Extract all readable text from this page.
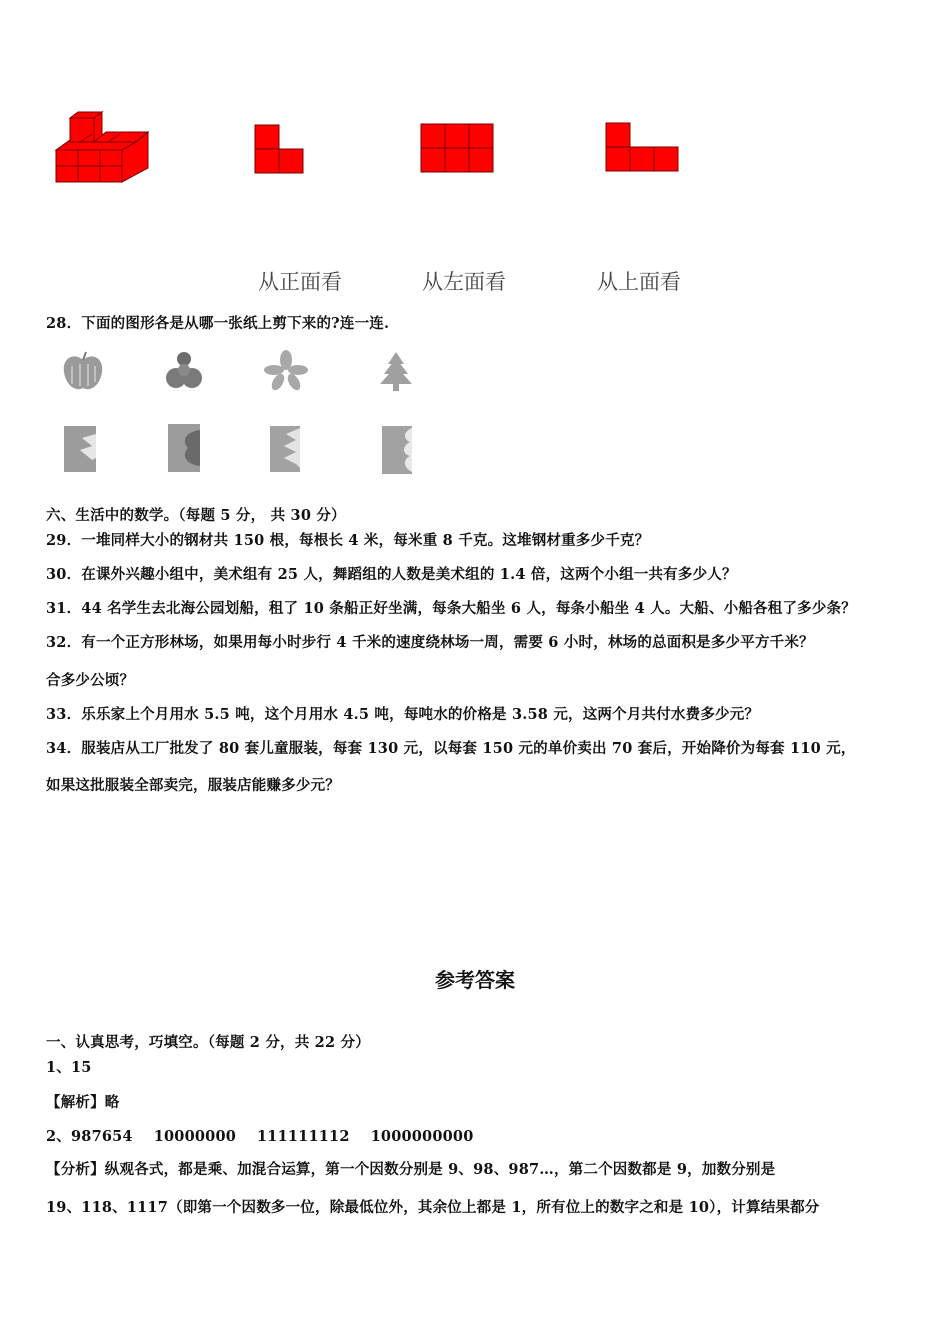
从正面看	从左面看	从上面看
28．下面的图形各是从哪一张纸上剪下来的?连一连.
六、生活中的数学。（每题 5 分， 共 30 分）
29．一堆同样大小的钢材共 150 根，每根长 4 米，每米重 8 千克。这堆钢材重多少千克？
30．在课外兴趣小组中，美术组有 25 人，舞蹈组的人数是美术组的 1.4 倍，这两个小组一共有多少人？
31．44 名学生去北海公园划船，租了 10 条船正好坐满，每条大船坐 6 人，每条小船坐 4 人。大船、小船各租了多少条？
32．有一个正方形林场，如果用每小时步行 4 千米的速度绕林场一周，需要 6 小时，林场的总面积是多少平方千米？
合多少公顷？
33．乐乐家上个月用水 5.5 吨，这个月用水 4.5 吨，每吨水的价格是 3.58 元，这两个月共付水费多少元？
34．服装店从工厂批发了 80 套儿童服装，每套 130 元，以每套 150 元的单价卖出 70 套后，开始降价为每套 110 元，
如果这批服装全部卖完，服装店能赚多少元？
参考答案
一、认真思考，巧填空。（每题 2 分，共 22 分）
1、15
【解析】略
2、987654    10000000    111111112    1000000000
【分析】纵观各式，都是乘、加混合运算，第一个因数分别是 9、98、987…，第二个因数都是 9，加数分别是
19、118、1117（即第一个因数多一位，除最低位外，其余位上都是 1，所有位上的数字之和是 10），计算结果都分
